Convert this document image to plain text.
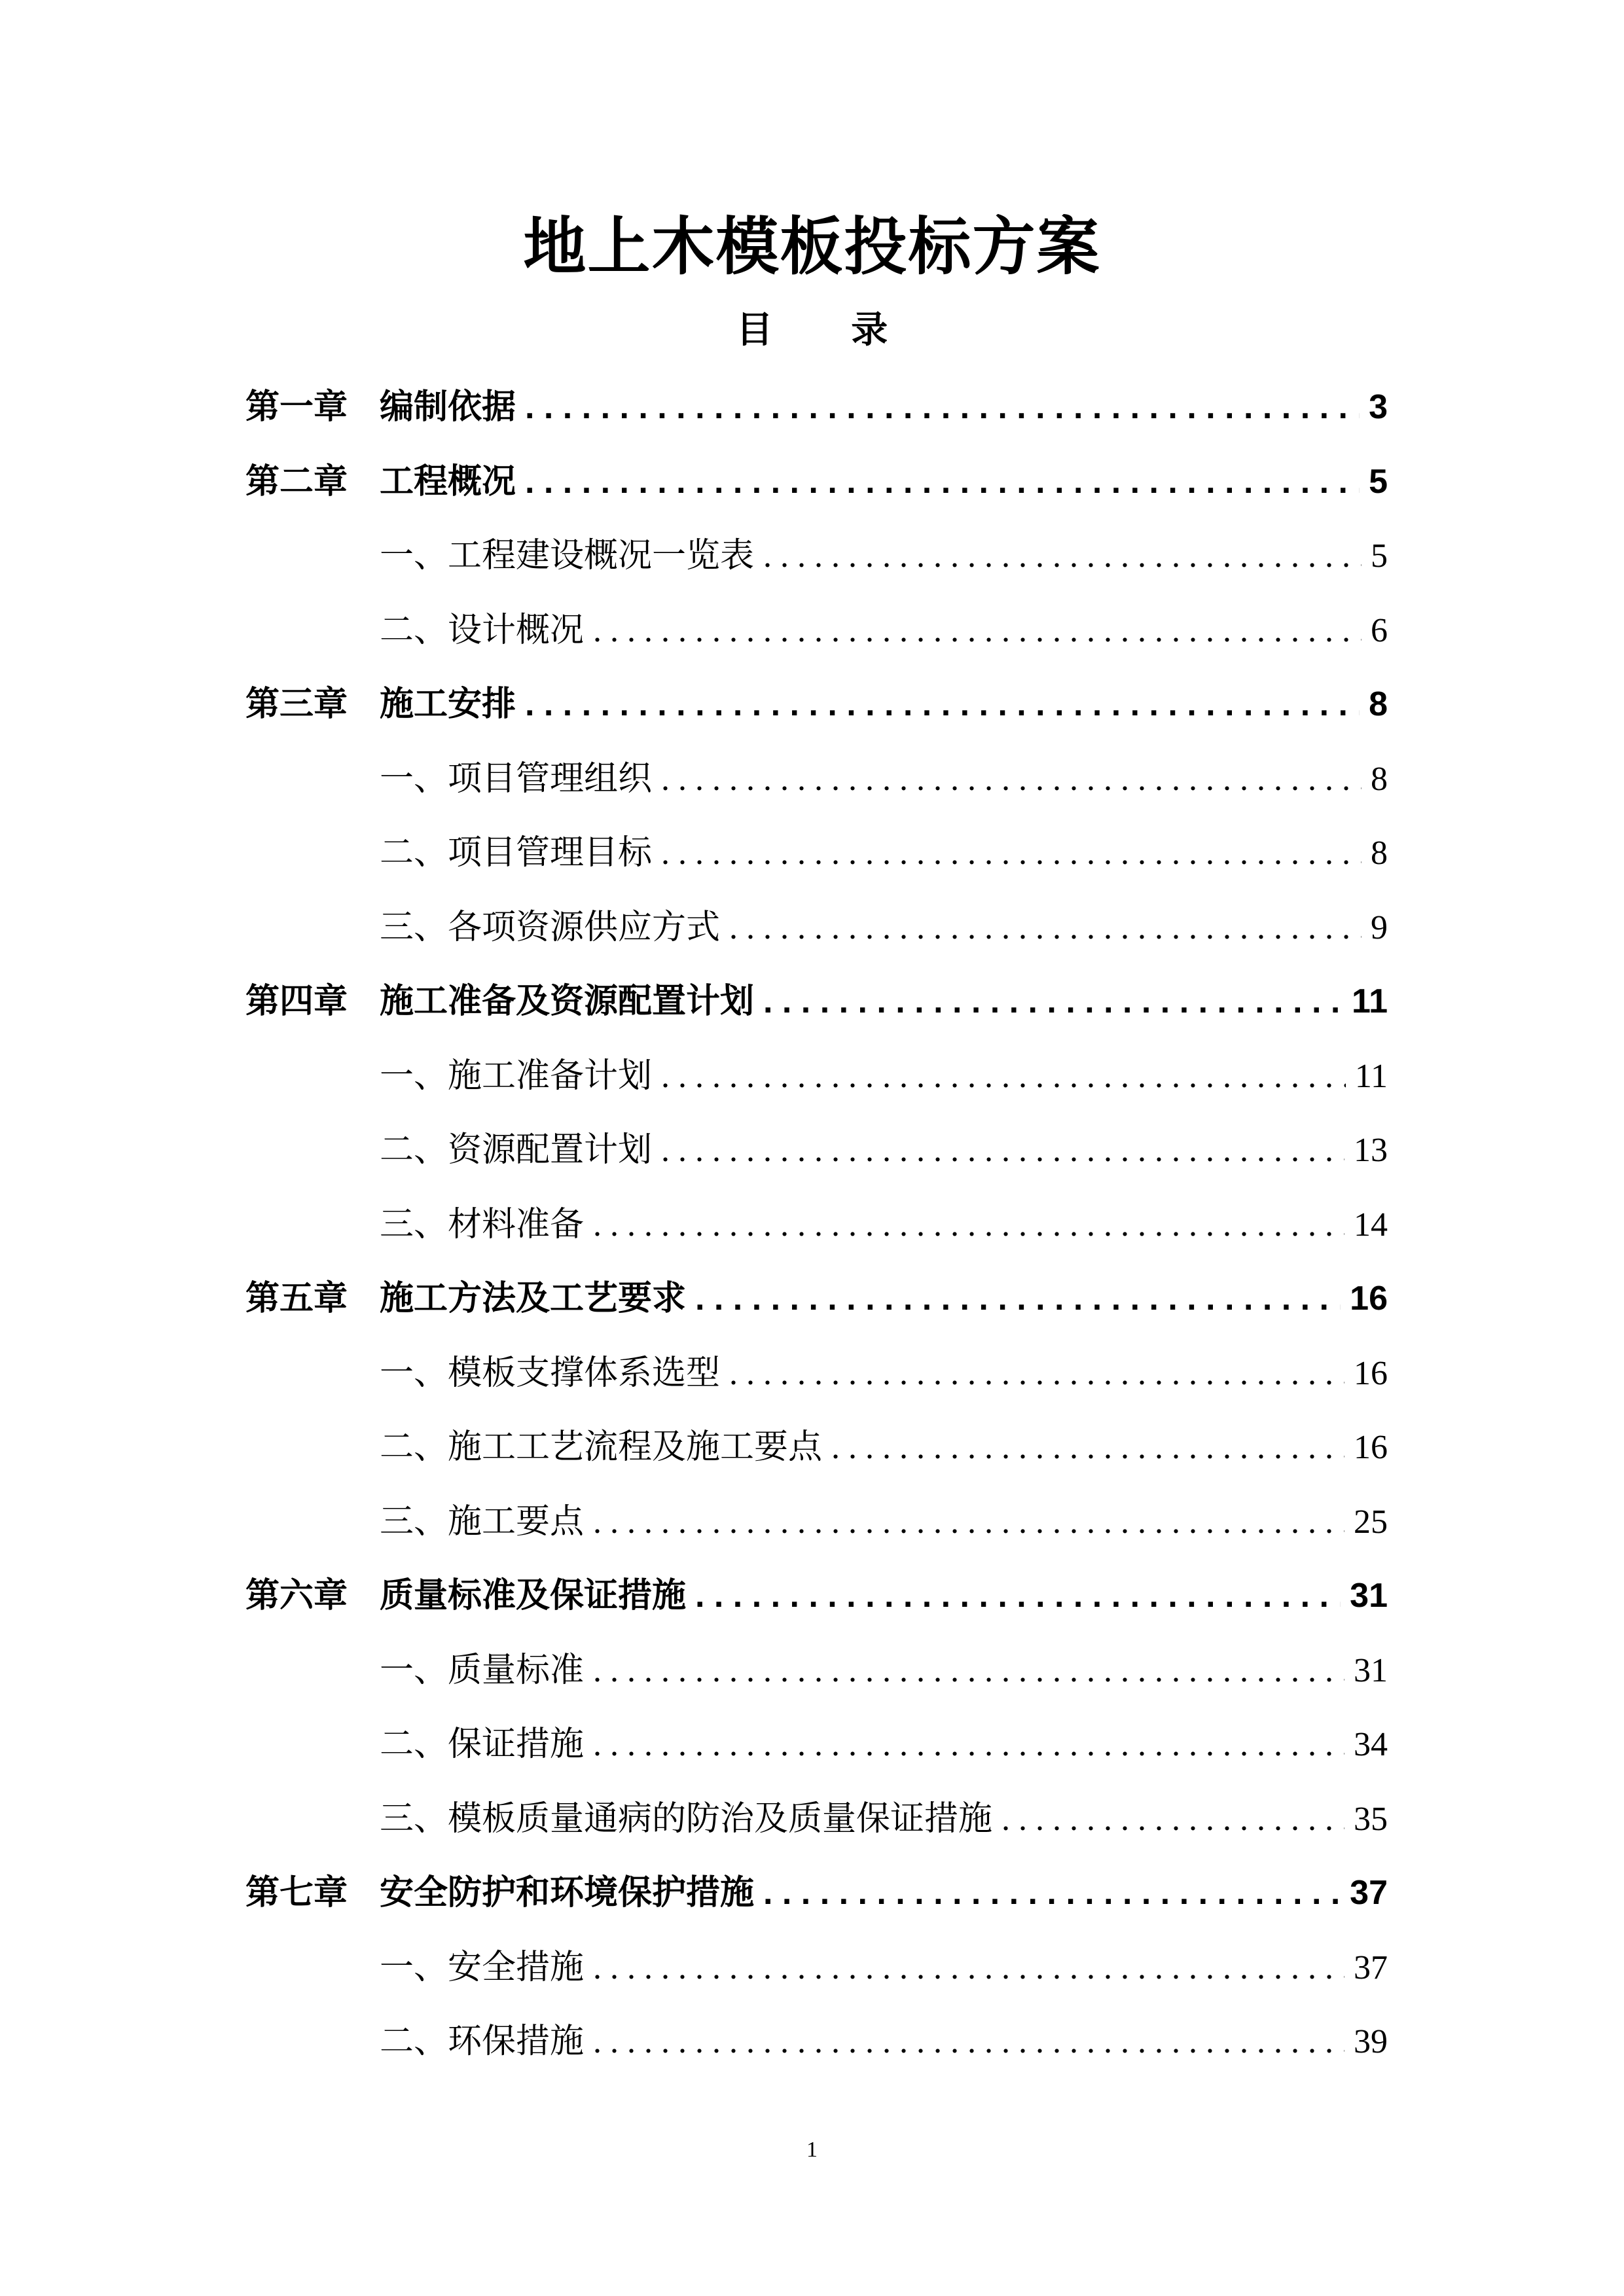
地上木模板投标方案
目 录
第一章 编制依据 . . .	3
第二章 工程概况 . . .	5
一、工程建设概况一览表 . . .	5
二、设计概况 . . .	6
第三章 施工安排 . . .	8
一、项目管理组织 . . .	8
二、项目管理目标 . . .	8
三、各项资源供应方式 . . .	9
第四章 施工准备及资源配置计划 . . .	11
一、施工准备计划 . . .	11
二、资源配置计划 . . .	13
三、材料准备 . . .	14
第五章 施工方法及工艺要求 . . .	16
一、模板支撑体系选型 . . .	16
二、施工工艺流程及施工要点 . . .	16
三、施工要点 . . .	25
第六章 质量标准及保证措施 . . .	31
一、质量标准 . . .	31
二、保证措施 . . .	34
三、模板质量通病的防治及质量保证措施 . . .	35
第七章 安全防护和环境保护措施 . . .	37
一、安全措施 . . .	37
二、环保措施 . . .	39
1
